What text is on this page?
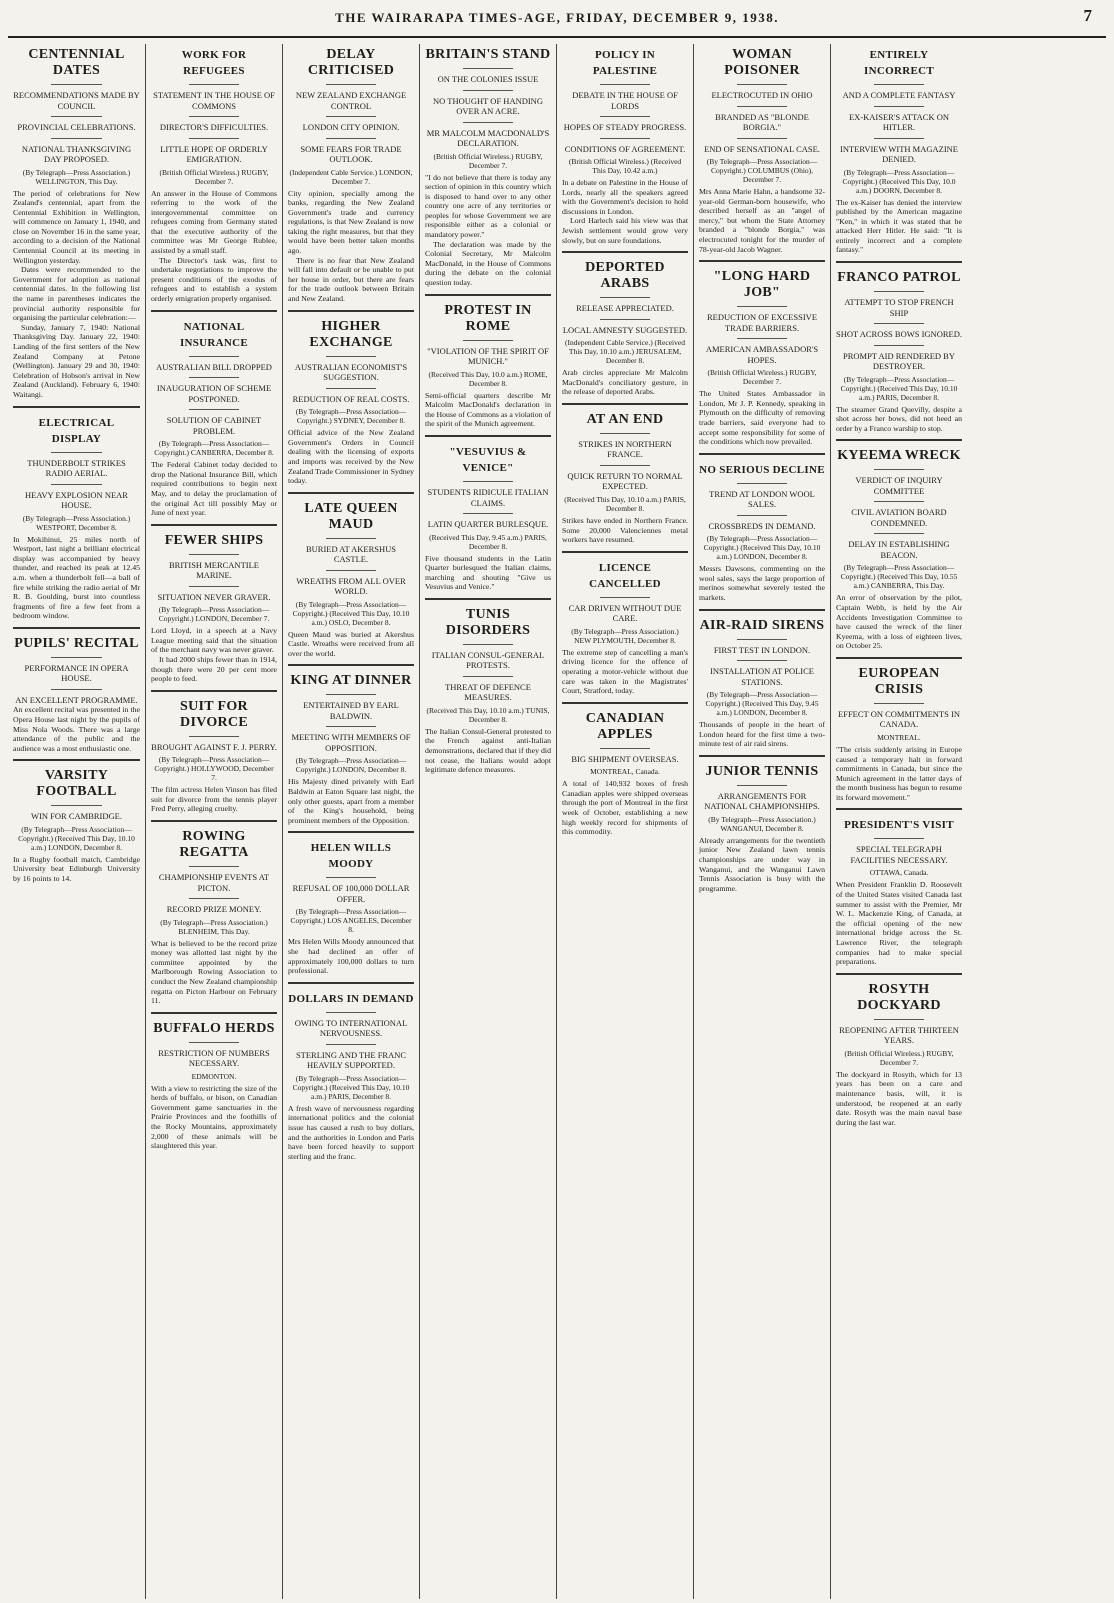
THE WAIRARAPA TIMES-AGE, FRIDAY, DECEMBER 9, 1938.	7
CENTENNIAL DATES
RECOMMENDATIONS MADE BY COUNCIL
PROVINCIAL CELEBRATIONS.
NATIONAL THANKSGIVING DAY PROPOSED.
(By Telegraph—Press Association.) WELLINGTON, This Day.

The period of celebrations for New Zealand's centennial, apart from the Centennial Exhibition in Wellington, will commence on January 1, 1940, and close on November 16 in the same year, according to a decision of the National Centennial Council at its meeting in Wellington yesterday.

Dates were recommended to the Government for adoption as national centennial dates. In the following list the name in parentheses indicates the provincial authority responsible for organising the particular celebration:—

Sunday, January 7, 1940: National Thanksgiving Day. January 22, 1940: Landing of the first settlers of the New Zealand Company at Petone (Wellington). January 29 and 30, 1940: Celebration of Hobson's arrival in New Zealand (Auckland). February 6, 1940: Waitangi.

ELECTRICAL DISPLAY
THUNDERBOLT STRIKES RADIO AERIAL.
HEAVY EXPLOSION NEAR HOUSE.
(By Telegraph—Press Association.) WESTPORT, December 8.

In Mokihinui, 25 miles north of Westport, last night a brilliant electrical display was accompanied by heavy thunder, and reached its peak at 12.45 a.m. when a thunderbolt fell—a ball of fire while striking the radio aerial of Mr R. B. Goulding, burst into countless fragments of fire a few feet from a bedroom window.

PUPILS' RECITAL
PERFORMANCE IN OPERA HOUSE.
AN EXCELLENT PROGRAMME.

An excellent recital was presented in the Opera House last night by the pupils of Miss Nola Woods. There was a large attendance of the public and the audience was a most enthusiastic one.

VARSITY FOOTBALL
WIN FOR CAMBRIDGE.
(By Telegraph—Press Association—Copyright.) (Received This Day, 10.10 a.m.) LONDON, December 8.

In a Rugby football match, Cambridge University beat Edinburgh University by 16 points to 14.

WORK FOR REFUGEES
STATEMENT IN THE HOUSE OF COMMONS
DIRECTOR'S DIFFICULTIES.
LITTLE HOPE OF ORDERLY EMIGRATION.
(British Official Wireless.) RUGBY, December 7.

An answer in the House of Commons referring to the work of the intergovernmental committee on refugees coming from Germany stated that the executive authority of the committee was Mr George Rublee, assisted by a small staff.

The Director's task was, first to undertake negotiations to improve the present conditions of the exodus of refugees and to establish a system orderly emigration properly organised.

NATIONAL INSURANCE
AUSTRALIAN BILL DROPPED
INAUGURATION OF SCHEME POSTPONED.
SOLUTION OF CABINET PROBLEM.
(By Telegraph—Press Association—Copyright.) CANBERRA, December 8.

The Federal Cabinet today decided to drop the National Insurance Bill, which required contributions to begin next May, and to delay the proclamation of the original Act till possibly May or June of next year.

FEWER SHIPS
BRITISH MERCANTILE MARINE.
SITUATION NEVER GRAVER.
(By Telegraph—Press Association—Copyright.) LONDON, December 7.

Lord Lloyd, in a speech at a Navy League meeting said that the situation of the merchant navy was never graver.

It had 2000 ships fewer than in 1914, though there were 20 per cent more people to feed.

SUIT FOR DIVORCE
BROUGHT AGAINST F. J. PERRY.
(By Telegraph—Press Association—Copyright.) HOLLYWOOD, December 7.

The film actress Helen Vinson has filed suit for divorce from the tennis player Fred Perry, alleging cruelty.

ROWING REGATTA
CHAMPIONSHIP EVENTS AT PICTON.
RECORD PRIZE MONEY.
(By Telegraph—Press Association.) BLENHEIM, This Day.

What is believed to be the record prize money was allotted last night by the committee appointed by the Marlborough Rowing Association to conduct the New Zealand championship regatta on Picton Harbour on February 11.

BUFFALO HERDS
RESTRICTION OF NUMBERS NECESSARY.
EDMONTON.

With a view to restricting the size of the herds of buffalo, or bison, on Canadian Government game sanctuaries in the Prairie Provinces and the foothills of the Rocky Mountains, approximately 2,000 of these animals will be slaughtered this year.

DELAY CRITICISED
NEW ZEALAND EXCHANGE CONTROL
LONDON CITY OPINION.
SOME FEARS FOR TRADE OUTLOOK.
(Independent Cable Service.) LONDON, December 7.

City opinion, specially among the banks, regarding the New Zealand Government's trade and currency regulations, is that New Zealand is now taking the right measures, but that they would have been better taken months ago.

There is no fear that New Zealand will fall into default or be unable to put her house in order, but there are fears for the trade outlook between Britain and New Zealand.

HIGHER EXCHANGE
AUSTRALIAN ECONOMIST'S SUGGESTION.
REDUCTION OF REAL COSTS.
(By Telegraph—Press Association—Copyright.) SYDNEY, December 8.

Official advice of the New Zealand Government's Orders in Council dealing with the licensing of exports and imports was received by the New Zealand Trade Commissioner in Sydney today.

LATE QUEEN MAUD
BURIED AT AKERSHUS CASTLE.
WREATHS FROM ALL OVER WORLD.
(By Telegraph—Press Association—Copyright.) (Received This Day, 10.10 a.m.) OSLO, December 8.

Queen Maud was buried at Akershus Castle. Wreaths were received from all over the world.

KING AT DINNER
ENTERTAINED BY EARL BALDWIN.
MEETING WITH MEMBERS OF OPPOSITION.
(By Telegraph—Press Association—Copyright.) LONDON, December 8.

His Majesty dined privately with Earl Baldwin at Eaton Square last night, the only other guests, apart from a member of the King's household, being prominent members of the Opposition.

HELEN WILLS MOODY
REFUSAL OF 100,000 DOLLAR OFFER.
(By Telegraph—Press Association—Copyright.) LOS ANGELES, December 8.

Mrs Helen Wills Moody announced that she had declined an offer of approximately 100,000 dollars to turn professional.

DOLLARS IN DEMAND
OWING TO INTERNATIONAL NERVOUSNESS.
STERLING AND THE FRANC HEAVILY SUPPORTED.
(By Telegraph—Press Association—Copyright.) (Received This Day, 10.10 a.m.) PARIS, December 8.

A fresh wave of nervousness regarding international politics and the colonial issue has caused a rush to buy dollars, and the authorities in London and Paris have been forced heavily to support sterling and the franc.

BRITAIN'S STAND
ON THE COLONIES ISSUE
NO THOUGHT OF HANDING OVER AN ACRE.
MR MALCOLM MACDONALD'S DECLARATION.
(British Official Wireless.) RUGBY, December 7.

"I do not believe that there is today any section of opinion in this country which is disposed to hand over to any other country one acre of any territories or peoples for whose Government we are responsible either as a colonial or mandatory power."

The declaration was made by the Colonial Secretary, Mr Malcolm MacDonald, in the House of Commons during the debate on the colonial question today.

PROTEST IN ROME
"VIOLATION OF THE SPIRIT OF MUNICH."
(Received This Day, 10.0 a.m.) ROME, December 8.

Semi-official quarters describe Mr Malcolm MacDonald's declaration in the House of Commons as a violation of the spirit of the Munich agreement.

"VESUVIUS & VENICE"
STUDENTS RIDICULE ITALIAN CLAIMS.
LATIN QUARTER BURLESQUE.
(Received This Day, 9.45 a.m.) PARIS, December 8.

Five thousand students in the Latin Quarter burlesqued the Italian claims, marching and shouting "Give us Vesuvius and Venice."

TUNIS DISORDERS
ITALIAN CONSUL-GENERAL PROTESTS.
THREAT OF DEFENCE MEASURES.
(Received This Day, 10.10 a.m.) TUNIS, December 8.

The Italian Consul-General protested to the French against anti-Italian demonstrations, declared that if they did not cease, the Italians would adopt legitimate defence measures.

POLICY IN PALESTINE
DEBATE IN THE HOUSE OF LORDS
HOPES OF STEADY PROGRESS.
CONDITIONS OF AGREEMENT.
(British Official Wireless.) (Received This Day, 10.42 a.m.)

In a debate on Palestine in the House of Lords, nearly all the speakers agreed with the Government's decision to hold discussions in London.

Lord Harlech said his view was that Jewish settlement would grow very slowly, but on sure foundations.

DEPORTED ARABS
RELEASE APPRECIATED.
LOCAL AMNESTY SUGGESTED.
(Independent Cable Service.) (Received This Day, 10.10 a.m.) JERUSALEM, December 8.

Arab circles appreciate Mr Malcolm MacDonald's conciliatory gesture, in the release of deported Arabs.

AT AN END
STRIKES IN NORTHERN FRANCE.
QUICK RETURN TO NORMAL EXPECTED.
(Received This Day, 10.10 a.m.) PARIS, December 8.

Strikes have ended in Northern France. Some 20,000 Valenciennes metal workers have resumed.

LICENCE CANCELLED
CAR DRIVEN WITHOUT DUE CARE.
(By Telegraph—Press Association.) NEW PLYMOUTH, December 8.

The extreme step of cancelling a man's driving licence for the offence of operating a motor-vehicle without due care was taken in the Magistrates' Court, Stratford, today.

CANADIAN APPLES
BIG SHIPMENT OVERSEAS.
MONTREAL, Canada.

A total of 140,932 boxes of fresh Canadian apples were shipped overseas through the port of Montreal in the first week of October, establishing a new high weekly record for shipments of this commodity.

WOMAN POISONER
ELECTROCUTED IN OHIO
BRANDED AS "BLONDE BORGIA."
END OF SENSATIONAL CASE.
(By Telegraph—Press Association—Copyright.) COLUMBUS (Ohio), December 7.

Mrs Anna Marie Hahn, a handsome 32-year-old German-born housewife, who described herself as an "angel of mercy," but whom the State Attorney branded a "blonde Borgia," was electrocuted tonight for the murder of 78-year-old Jacob Wagner.

"LONG HARD JOB"
REDUCTION OF EXCESSIVE TRADE BARRIERS.
AMERICAN AMBASSADOR'S HOPES.
(British Official Wireless.) RUGBY, December 7.

The United States Ambassador in London, Mr J. P. Kennedy, speaking in Plymouth on the difficulty of removing trade barriers, said everyone had to accept some responsibility for some of the conditions which now prevailed.

NO SERIOUS DECLINE
TREND AT LONDON WOOL SALES.
CROSSBREDS IN DEMAND.
(By Telegraph—Press Association—Copyright.) (Received This Day, 10.10 a.m.) LONDON, December 8.

Messrs Dawsons, commenting on the wool sales, says the large proportion of merinos somewhat severely tested the markets.

AIR-RAID SIRENS
FIRST TEST IN LONDON.
INSTALLATION AT POLICE STATIONS.
(By Telegraph—Press Association—Copyright.) (Received This Day, 9.45 a.m.) LONDON, December 8.

Thousands of people in the heart of London heard for the first time a two-minute test of air raid sirens.

JUNIOR TENNIS
ARRANGEMENTS FOR NATIONAL CHAMPIONSHIPS.
(By Telegraph—Press Association.) WANGANUI, December 8.

Already arrangements for the twentieth junior New Zealand lawn tennis championships are under way in Wanganui, and the Wanganui Lawn Tennis Association is busy with the programme.

ENTIRELY INCORRECT
AND A COMPLETE FANTASY
EX-KAISER'S ATTACK ON HITLER.
INTERVIEW WITH MAGAZINE DENIED.
(By Telegraph—Press Association—Copyright.) (Received This Day, 10.0 a.m.) DOORN, December 8.

The ex-Kaiser has denied the interview published by the American magazine "Ken," in which it was stated that he attacked Herr Hitler. He said: "It is entirely incorrect and a complete fantasy."

FRANCO PATROL
ATTEMPT TO STOP FRENCH SHIP
SHOT ACROSS BOWS IGNORED.
PROMPT AID RENDERED BY DESTROYER.
(By Telegraph—Press Association—Copyright.) (Received This Day, 10.10 a.m.) PARIS, December 8.

The steamer Grand Quevilly, despite a shot across her bows, did not heed an order by a Franco warship to stop.

KYEEMA WRECK
VERDICT OF INQUIRY COMMITTEE
CIVIL AVIATION BOARD CONDEMNED.
DELAY IN ESTABLISHING BEACON.
(By Telegraph—Press Association—Copyright.) (Received This Day, 10.55 a.m.) CANBERRA, This Day.

An error of observation by the pilot, Captain Webb, is held by the Air Accidents Investigation Committee to have caused the wreck of the liner Kyeema, with a loss of eighteen lives, on October 25.

EUROPEAN CRISIS
EFFECT ON COMMITMENTS IN CANADA.
MONTREAL.

"The crisis suddenly arising in Europe caused a temporary halt in forward commitments in Canada, but since the Munich agreement in the latter days of the month business has begun to resume its forward movement."

PRESIDENT'S VISIT
SPECIAL TELEGRAPH FACILITIES NECESSARY.
OTTAWA, Canada.

When President Franklin D. Roosevelt of the United States visited Canada last summer to assist with the Premier, Mr W. L. Mackenzie King, of Canada, at the official opening of the new international bridge across the St. Lawrence River, the telegraph companies had to make special preparations.

ROSYTH DOCKYARD
REOPENING AFTER THIRTEEN YEARS.
(British Official Wireless.) RUGBY, December 7.

The dockyard in Rosyth, which for 13 years has been on a care and maintenance basis, will, it is understood, be reopened at an early date. Rosyth was the main naval base during the last war.
